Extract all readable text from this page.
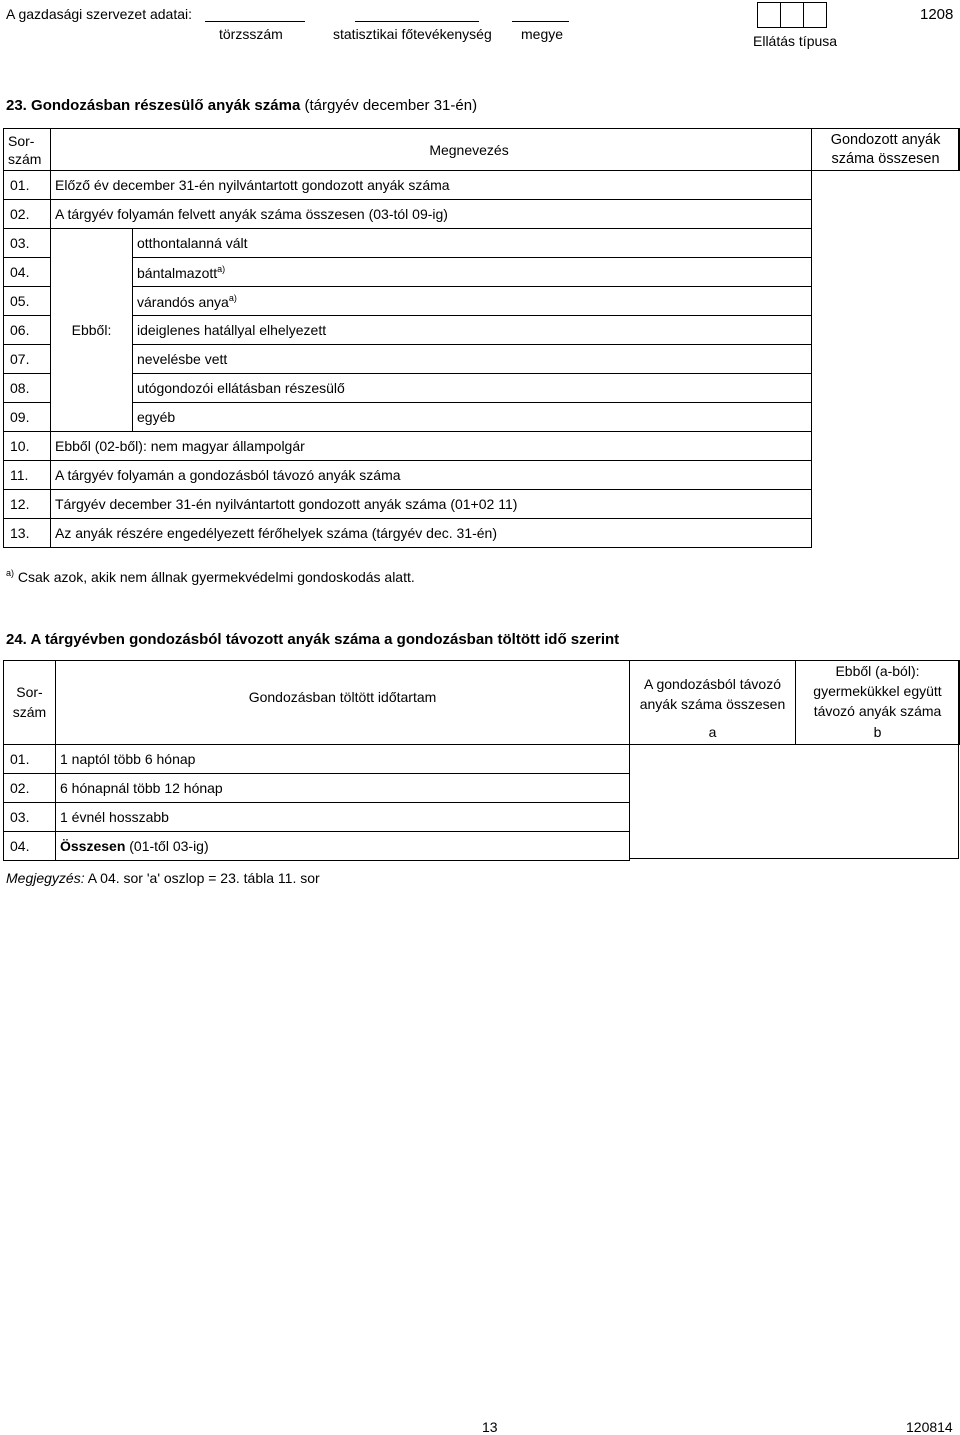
A gazdasági szervezet adatai:
törzsszám	statisztikai főtevékenység megye	Ellátás típusa
1208
23. Gondozásban részesülő anyák száma (tárgyév december 31-én)
Sor-
szám	Megnevezés		Gondozott anyák száma összesen
01.	Előző év december 31-én nyilvántartott gondozott anyák száma		
02.	A tárgyév folyamán felvett anyák száma összesen (03-tól 09-ig)		
03.	Ebből:	otthontalanná vált	
04.		bántalmazott$^{a)}$
05.		várandós anya$^{a)}$
06.		ideiglenes hatállyal elhelyezett	
07.		nevelésbe vett	
08.		utógondozói ellátásban részesülő	
09.		egyéb	
10.	Ebből (02-ből): nem magyar állampolgár		
11.	A tárgyév folyamán a gondozásból távozó anyák száma		
12.	Tárgyév december 31-én nyilvántartott gondozott anyák száma (01+02 11)		
13.	Az anyák részére engedélyezett férőhelyek száma (tárgyév dec. 31-én)		
$^{a)}$ Csak azok, akik nem állnak gyermekvédelmi gondoskodás alatt.
24. A tárgyévben gondozásból távozott anyák száma a gondozásban töltött idő szerint
Sor-
szám	Gondozásban töltött időtartam	A gondozásból távozó anyák száma összesen	Ebből (a-ból): gyermekükkel együtt távozó anyák száma
		a	b
01.	1 naptól több 6 hónap		
02.	6 hónapnál több 12 hónap		
03.	1 évnél hosszabb		
04.	Összesen (01-től 03-ig)		
Megjegyzés: A 04. sor 'a' oszlop = 23. tábla 11. sor
13	120814
